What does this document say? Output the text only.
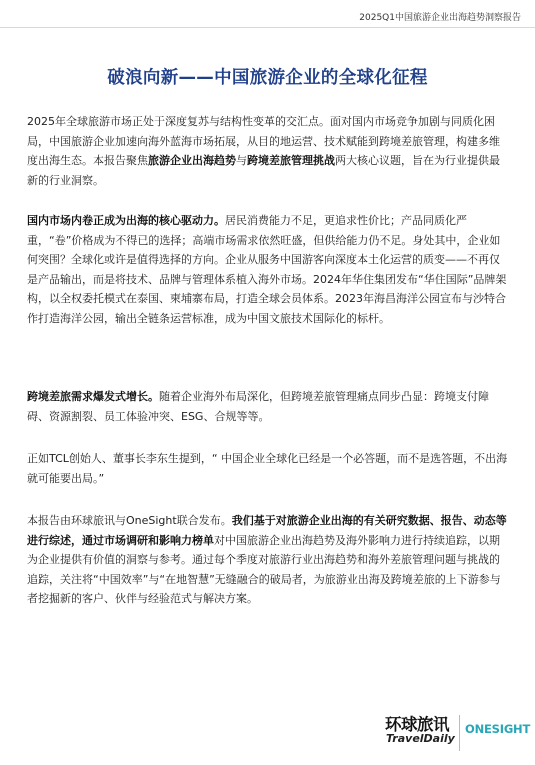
2025Q1中国旅游企业出海趋势洞察报告
破浪向新——中国旅游企业的全球化征程
2025年全球旅游市场正处于深度复苏与结构性变革的交汇点。面对国内市场竞争加剧与同质化困局，中国旅游企业加速向海外蓝海市场拓展，从目的地运营、技术赋能到跨境差旅管理，构建多维度出海生态。本报告聚焦旅游企业出海趋势与跨境差旅管理挑战两大核心议题，旨在为行业提供最新的行业洞察。
国内市场内卷正成为出海的核心驱动力。居民消费能力不足，更追求性价比；产品同质化严重，“卷”价格成为不得已的选择；高端市场需求依然旺盛，但供给能力仍不足。身处其中，企业如何突围？全球化或许是值得选择的方向。企业从服务中国游客向深度本土化运营的质变——不再仅是产品输出，而是将技术、品牌与管理体系植入海外市场。2024年华住集团发布“华住国际”品牌架构，以全权委托模式在泰国、柬埔寨布局，打造全球会员体系。2023年海昌海洋公园宣布与沙特合作打造海洋公园，输出全链条运营标准，成为中国文旅技术国际化的标杆。
跨境差旅需求爆发式增长。随着企业海外布局深化，但跨境差旅管理痛点同步凸显：跨境支付障碍、资源割裂、员工体验冲突、ESG、合规等等。
正如TCL创始人、董事长李东生提到，“ 中国企业全球化已经是一个必答题，而不是选答题，不出海就可能要出局。”
本报告由环球旅讯与OneSight联合发布。我们基于对旅游企业出海的有关研究数据、报告、动态等进行综述，通过市场调研和影响力榜单对中国旅游企业出海趋势及海外影响力进行持续追踪，以期为企业提供有价值的洞察与参考。通过每个季度对旅游行业出海趋势和海外差旅管理问题与挑战的追踪，关注将“中国效率”与“在地智慧”无缝融合的破局者，为旅游业出海及跨境差旅的上下游参与者挖掘新的客户、伙伴与经验范式与解决方案。
环球旅讯
TravelDaily
ONESIGHT
